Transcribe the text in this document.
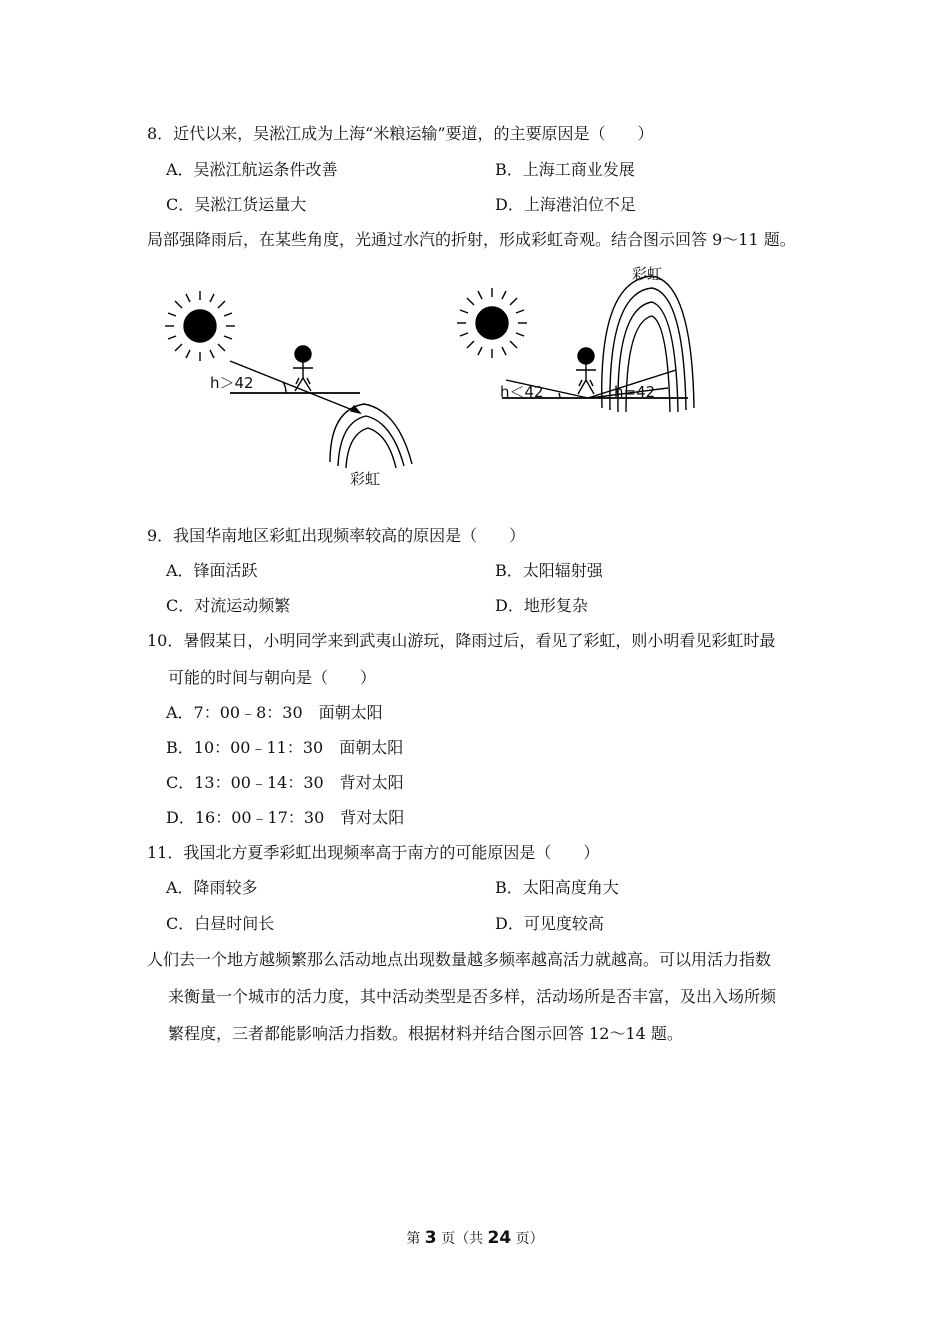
8．近代以来，吴淞江成为上海“米粮运输”要道，的主要原因是（　　）
A．吴淞江航运条件改善	B．上海工商业发展
C．吴淞江货运量大	D．上海港泊位不足
局部强降雨后，在某些角度，光通过水汽的折射，形成彩虹奇观。结合图示回答 9～11 题。
h＞42
彩虹
h＜42	h=42
彩虹
9．我国华南地区彩虹出现频率较高的原因是（　　）
A．锋面活跃	B．太阳辐射强
C．对流运动频繁	D．地形复杂
10．暑假某日，小明同学来到武夷山游玩，降雨过后，看见了彩虹，则小明看见彩虹时最
可能的时间与朝向是（　　）
A．7：00﹣8：30　面朝太阳
B．10：00﹣11：30　面朝太阳
C．13：00﹣14：30　背对太阳
D．16：00﹣17：30　背对太阳
11．我国北方夏季彩虹出现频率高于南方的可能原因是（　　）
A．降雨较多	B．太阳高度角大
C．白昼时间长	D．可见度较高
人们去一个地方越频繁那么活动地点出现数量越多频率越高活力就越高。可以用活力指数
来衡量一个城市的活力度，其中活动类型是否多样，活动场所是否丰富，及出入场所频
繁程度，三者都能影响活力指数。根据材料并结合图示回答 12～14 题。
第 3 页（共 24 页）
